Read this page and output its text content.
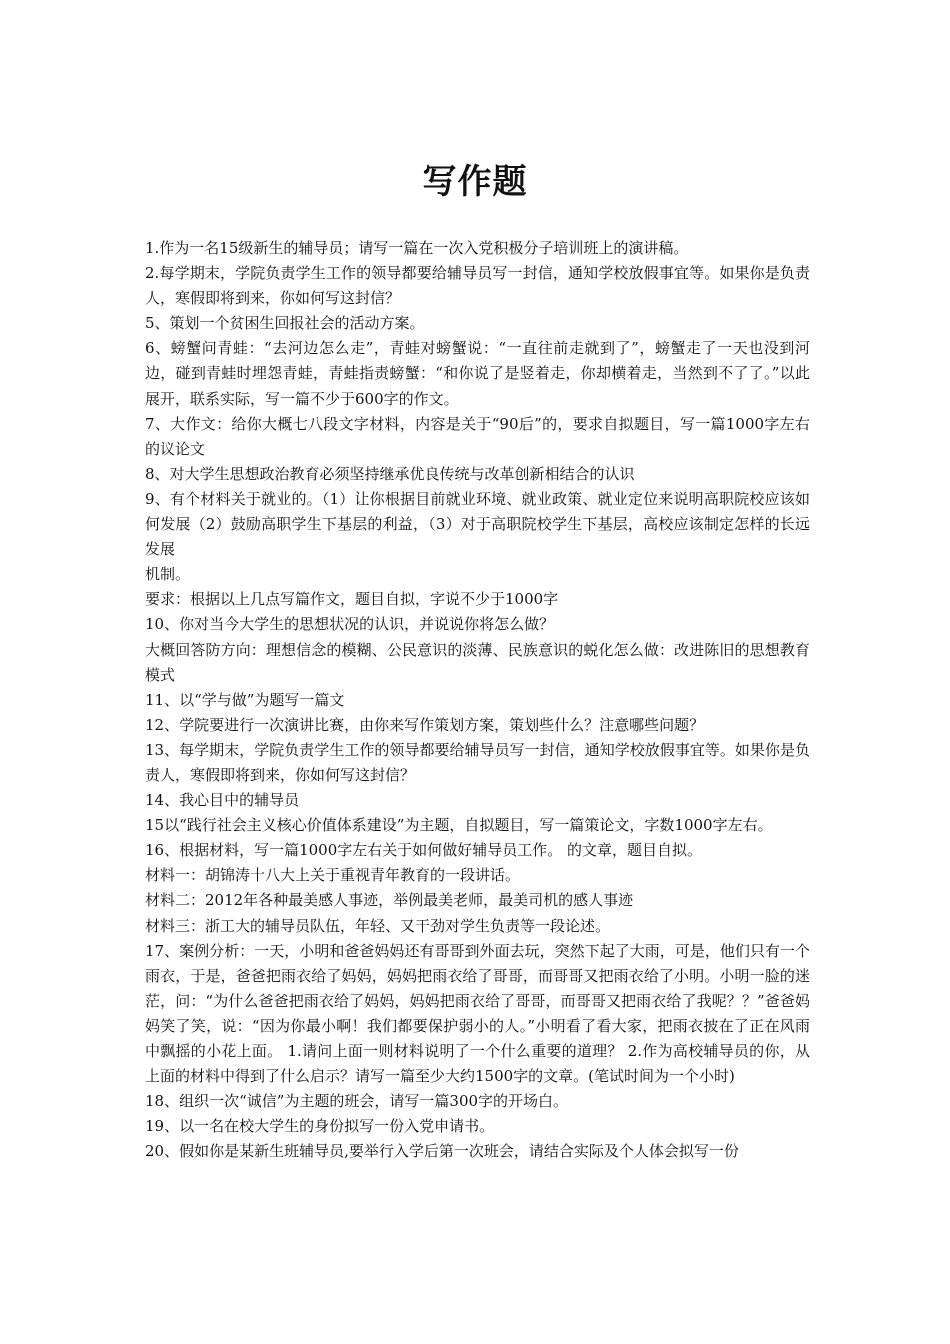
写作题

1.作为一名15级新生的辅导员；请写一篇在一次入党积极分子培训班上的演讲稿。

2.每学期末，学院负责学生工作的领导都要给辅导员写一封信，通知学校放假事宜等。如果你是负责人，寒假即将到来，你如何写这封信？

5、策划一个贫困生回报社会的活动方案。

6、螃蟹问青蛙：“去河边怎么走”，青蛙对螃蟹说：“一直往前走就到了”，螃蟹走了一天也没到河边，碰到青蛙时埋怨青蛙，青蛙指责螃蟹：“和你说了是竖着走，你却横着走，当然到不了了。”以此展开，联系实际，写一篇不少于600字的作文。

7、大作文：给你大概七八段文字材料，内容是关于“90后”的，要求自拟题目，写一篇1000字左右的议论文

8、对大学生思想政治教育必须坚持继承优良传统与改革创新相结合的认识

9、有个材料关于就业的。（1）让你根据目前就业环境、就业政策、就业定位来说明高职院校应该如何发展（2）鼓励高职学生下基层的利益，（3）对于高职院校学生下基层，高校应该制定怎样的长远发展

机制。

要求：根据以上几点写篇作文，题目自拟，字说不少于1000字

10、你对当今大学生的思想状况的认识，并说说你将怎么做？

大概回答防方向：理想信念的模糊、公民意识的淡薄、民族意识的蜕化怎么做：改进陈旧的思想教育模式

11、以“学与做”为题写一篇文

12、学院要进行一次演讲比赛，由你来写作策划方案，策划些什么？注意哪些问题？

13、每学期末，学院负责学生工作的领导都要给辅导员写一封信，通知学校放假事宜等。如果你是负责人，寒假即将到来，你如何写这封信？

14、我心目中的辅导员

15以“践行社会主义核心价值体系建设”为主题，自拟题目，写一篇策论文，字数1000字左右。

16、根据材料，写一篇1000字左右关于如何做好辅导员工作。 的文章，题目自拟。

材料一：胡锦涛十八大上关于重视青年教育的一段讲话。

材料二：2012年各种最美感人事迹，举例最美老师，最美司机的感人事迹

材料三：浙工大的辅导员队伍，年轻、又干劲对学生负责等一段论述。

17、案例分析：一天，小明和爸爸妈妈还有哥哥到外面去玩，突然下起了大雨，可是，他们只有一个雨衣，于是，爸爸把雨衣给了妈妈，妈妈把雨衣给了哥哥，而哥哥又把雨衣给了小明。小明一脸的迷茫，问：“为什么爸爸把雨衣给了妈妈，妈妈把雨衣给了哥哥，而哥哥又把雨衣给了我呢？？”爸爸妈妈笑了笑，说：“因为你最小啊！我们都要保护弱小的人。”小明看了看大家，把雨衣披在了正在风雨中飘摇的小花上面。 1.请问上面一则材料说明了一个什么重要的道理？ 2.作为高校辅导员的你，从上面的材料中得到了什么启示？请写一篇至少大约1500字的文章。(笔试时间为一个小时)

18、组织一次“诚信”为主题的班会，请写一篇300字的开场白。

19、以一名在校大学生的身份拟写一份入党申请书。

20、假如你是某新生班辅导员,要举行入学后第一次班会，请结合实际及个人体会拟写一份
